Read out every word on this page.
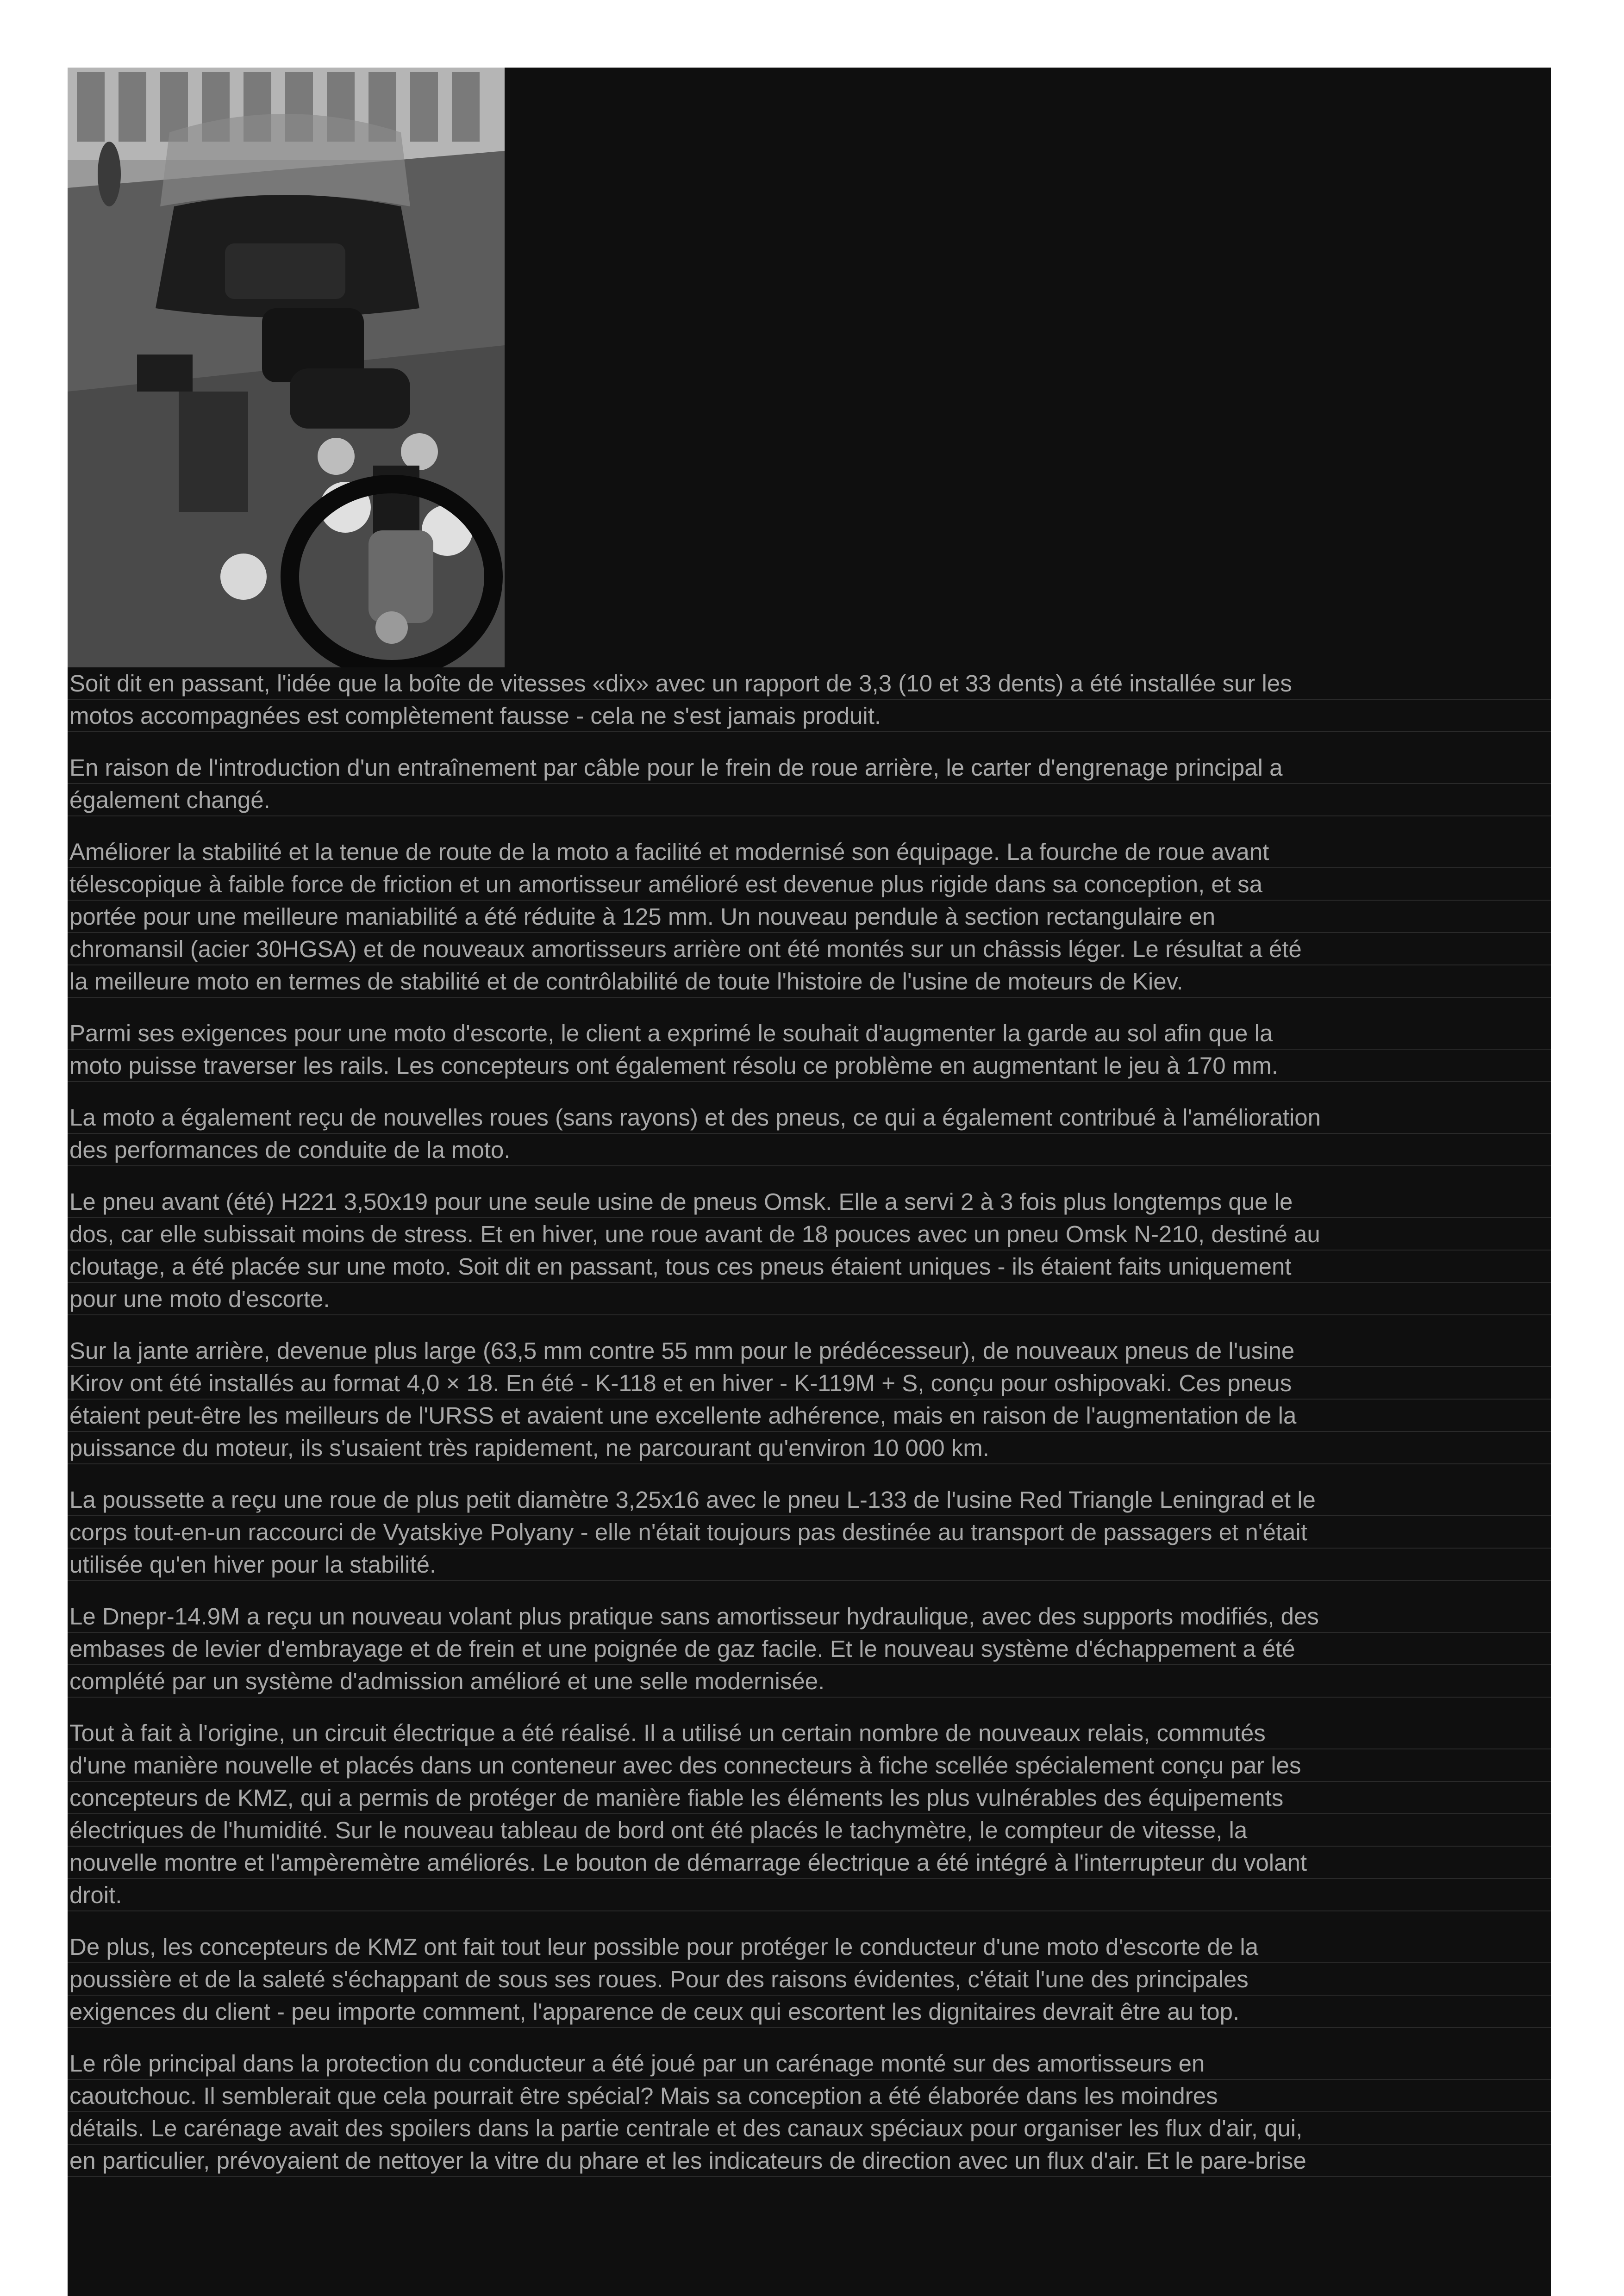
Soit dit en passant, l'idée que la boîte de vitesses «dix» avec un rapport de 3,3 (10 et 33 dents) a été installée sur les
motos accompagnées est complètement fausse - cela ne s'est jamais produit.

En raison de l'introduction d'un entraînement par câble pour le frein de roue arrière, le carter d'engrenage principal a
également changé.

Améliorer la stabilité et la tenue de route de la moto a facilité et modernisé son équipage. La fourche de roue avant
télescopique à faible force de friction et un amortisseur amélioré est devenue plus rigide dans sa conception, et sa
portée pour une meilleure maniabilité a été réduite à 125 mm. Un nouveau pendule à section rectangulaire en
chromansil (acier 30HGSA) et de nouveaux amortisseurs arrière ont été montés sur un châssis léger. Le résultat a été
la meilleure moto en termes de stabilité et de contrôlabilité de toute l'histoire de l'usine de moteurs de Kiev.

Parmi ses exigences pour une moto d'escorte, le client a exprimé le souhait d'augmenter la garde au sol afin que la
moto puisse traverser les rails. Les concepteurs ont également résolu ce problème en augmentant le jeu à 170 mm.

La moto a également reçu de nouvelles roues (sans rayons) et des pneus, ce qui a également contribué à l'amélioration
des performances de conduite de la moto.

Le pneu avant (été) H221 3,50x19 pour une seule usine de pneus Omsk. Elle a servi 2 à 3 fois plus longtemps que le
dos, car elle subissait moins de stress. Et en hiver, une roue avant de 18 pouces avec un pneu Omsk N-210, destiné au
cloutage, a été placée sur une moto. Soit dit en passant, tous ces pneus étaient uniques - ils étaient faits uniquement
pour une moto d'escorte.

Sur la jante arrière, devenue plus large (63,5 mm contre 55 mm pour le prédécesseur), de nouveaux pneus de l'usine
Kirov ont été installés au format 4,0 × 18. En été - K-118 et en hiver - K-119M + S, conçu pour oshipovaki. Ces pneus
étaient peut-être les meilleurs de l'URSS et avaient une excellente adhérence, mais en raison de l'augmentation de la
puissance du moteur, ils s'usaient très rapidement, ne parcourant qu'environ 10 000 km.

La poussette a reçu une roue de plus petit diamètre 3,25x16 avec le pneu L-133 de l'usine Red Triangle Leningrad et le
corps tout-en-un raccourci de Vyatskiye Polyany - elle n'était toujours pas destinée au transport de passagers et n'était
utilisée qu'en hiver pour la stabilité.

Le Dnepr-14.9M a reçu un nouveau volant plus pratique sans amortisseur hydraulique, avec des supports modifiés, des
embases de levier d'embrayage et de frein et une poignée de gaz facile. Et le nouveau système d'échappement a été
complété par un système d'admission amélioré et une selle modernisée.

Tout à fait à l'origine, un circuit électrique a été réalisé. Il a utilisé un certain nombre de nouveaux relais, commutés
d'une manière nouvelle et placés dans un conteneur avec des connecteurs à fiche scellée spécialement conçu par les
concepteurs de KMZ, qui a permis de protéger de manière fiable les éléments les plus vulnérables des équipements
électriques de l'humidité. Sur le nouveau tableau de bord ont été placés le tachymètre, le compteur de vitesse, la
nouvelle montre et l'ampèremètre améliorés. Le bouton de démarrage électrique a été intégré à l'interrupteur du volant
droit.

De plus, les concepteurs de KMZ ont fait tout leur possible pour protéger le conducteur d'une moto d'escorte de la
poussière et de la saleté s'échappant de sous ses roues. Pour des raisons évidentes, c'était l'une des principales
exigences du client - peu importe comment, l'apparence de ceux qui escortent les dignitaires devrait être au top.

Le rôle principal dans la protection du conducteur a été joué par un carénage monté sur des amortisseurs en
caoutchouc. Il semblerait que cela pourrait être spécial? Mais sa conception a été élaborée dans les moindres
détails. Le carénage avait des spoilers dans la partie centrale et des canaux spéciaux pour organiser les flux d'air, qui,
en particulier, prévoyaient de nettoyer la vitre du phare et les indicateurs de direction avec un flux d'air. Et le pare-brise
